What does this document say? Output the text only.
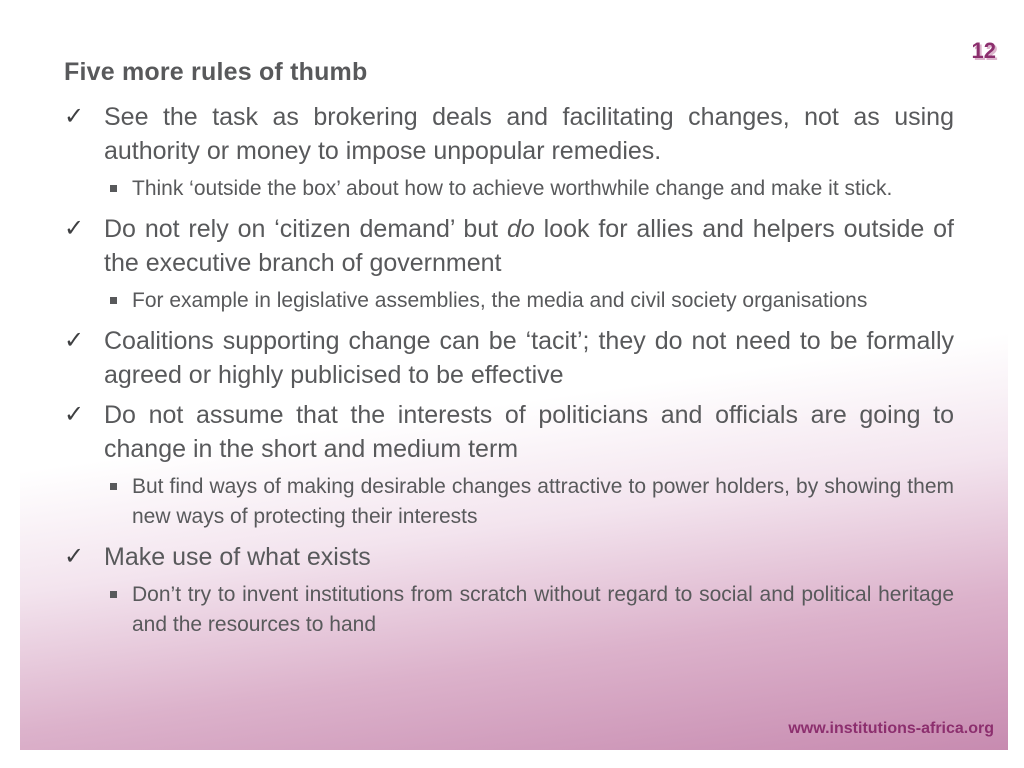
12
Five more rules of thumb
✓ See the task as brokering deals and facilitating changes, not as using authority or money to impose unpopular remedies.
Think ‘outside the box’ about how to achieve worthwhile change and make it stick.
✓ Do not rely on ‘citizen demand’ but do look for allies and helpers outside of the executive branch of government
For example in legislative assemblies, the media and civil society organisations
✓ Coalitions supporting change can be ‘tacit’; they do not need to be formally agreed or highly publicised to be effective
✓ Do not assume that the interests of politicians and officials are going to change in the short and medium term
But find ways of making desirable changes attractive to power holders, by showing them new ways of protecting their interests
✓ Make use of what exists
Don’t try to invent institutions from scratch without regard to social and political heritage and the resources to hand
www.institutions-africa.org
